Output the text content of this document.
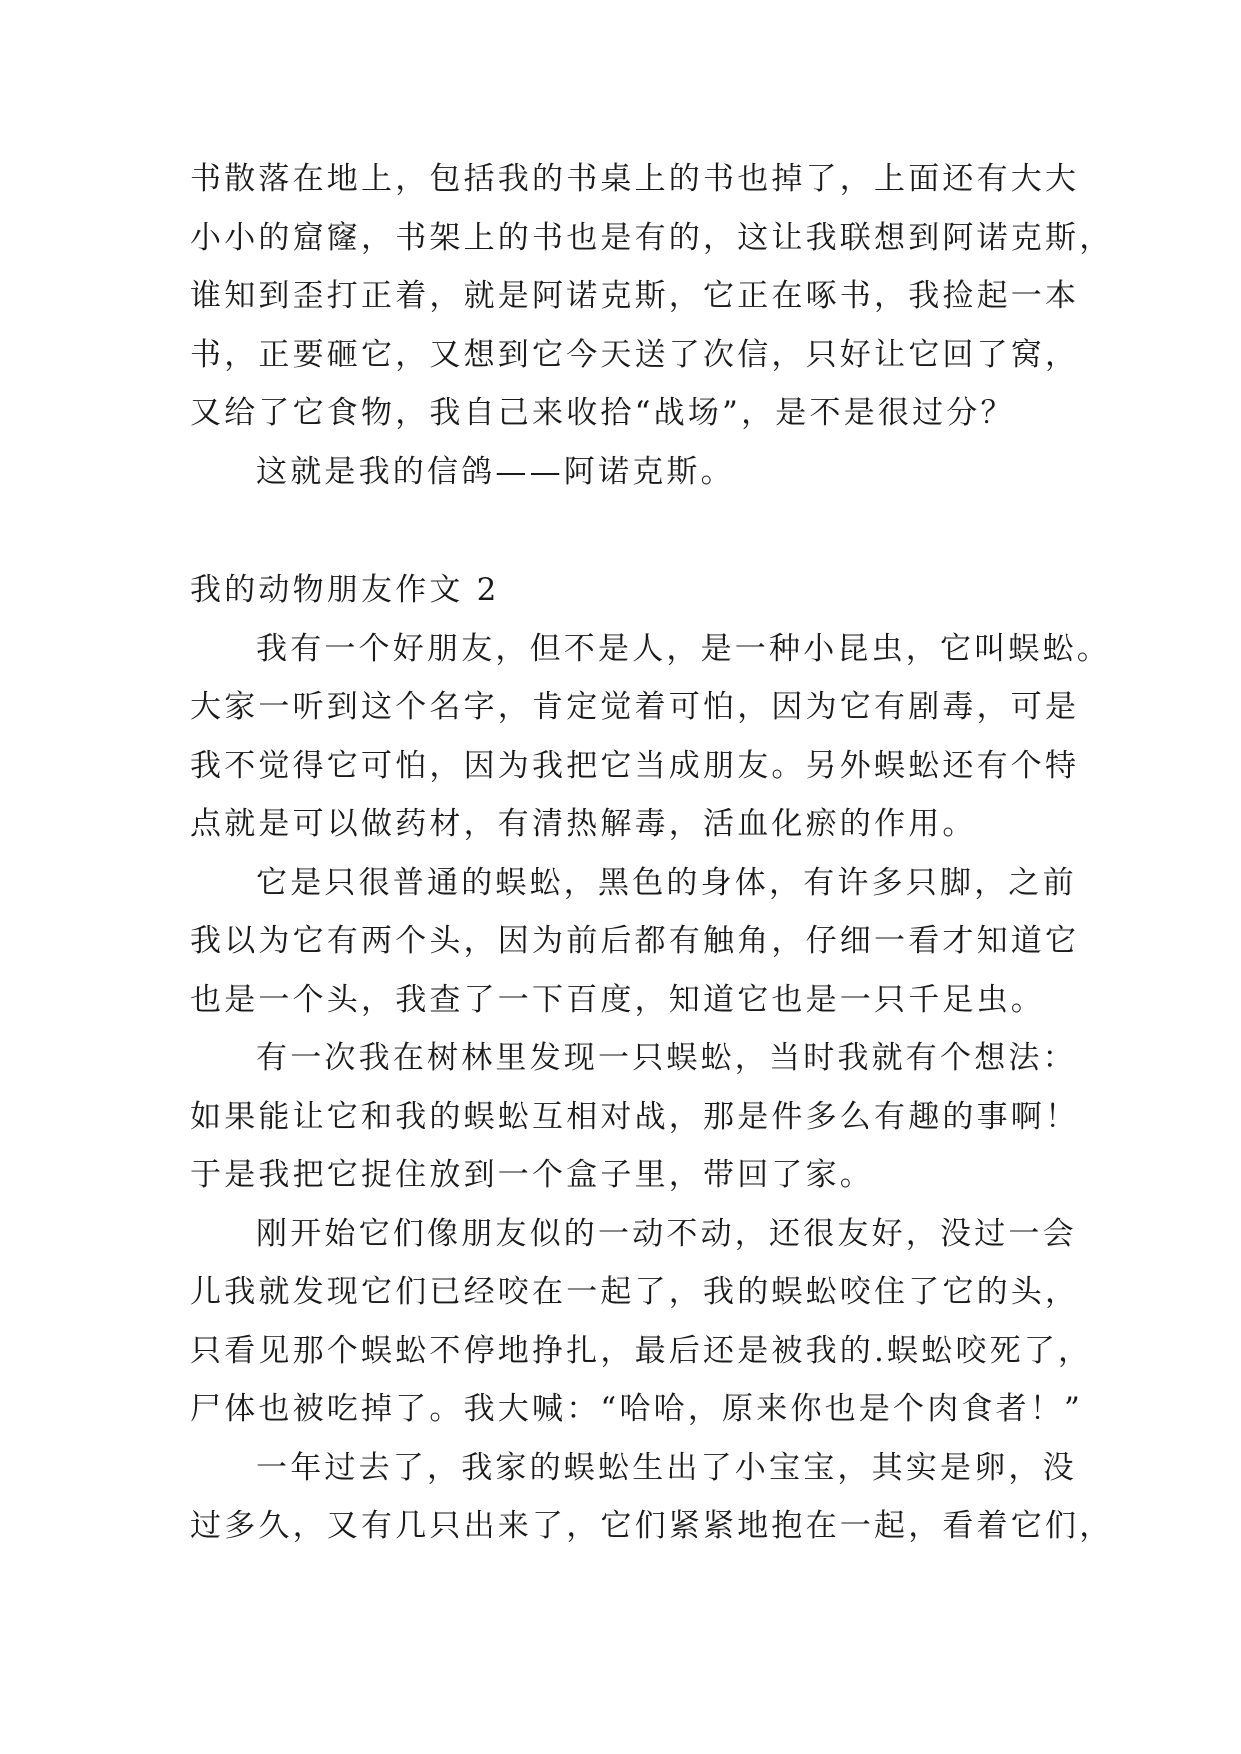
书散落在地上，包括我的书桌上的书也掉了，上面还有大大
小小的窟窿，书架上的书也是有的，这让我联想到阿诺克斯，
谁知到歪打正着，就是阿诺克斯，它正在啄书，我捡起一本
书，正要砸它，又想到它今天送了次信，只好让它回了窝，
又给了它食物，我自己来收拾“战场”，是不是很过分？
这就是我的信鸽——阿诺克斯。
我的动物朋友作文 2
我有一个好朋友，但不是人，是一种小昆虫，它叫蜈蚣。
大家一听到这个名字，肯定觉着可怕，因为它有剧毒，可是
我不觉得它可怕，因为我把它当成朋友。另外蜈蚣还有个特
点就是可以做药材，有清热解毒，活血化瘀的作用。
它是只很普通的蜈蚣，黑色的身体，有许多只脚，之前
我以为它有两个头，因为前后都有触角，仔细一看才知道它
也是一个头，我查了一下百度，知道它也是一只千足虫。
有一次我在树林里发现一只蜈蚣，当时我就有个想法：
如果能让它和我的蜈蚣互相对战，那是件多么有趣的事啊！
于是我把它捉住放到一个盒子里，带回了家。
刚开始它们像朋友似的一动不动，还很友好，没过一会
儿我就发现它们已经咬在一起了，我的蜈蚣咬住了它的头，
只看见那个蜈蚣不停地挣扎，最后还是被我的.蜈蚣咬死了，
尸体也被吃掉了。我大喊：“哈哈，原来你也是个肉食者！”
一年过去了，我家的蜈蚣生出了小宝宝，其实是卵，没
过多久，又有几只出来了，它们紧紧地抱在一起，看着它们，
